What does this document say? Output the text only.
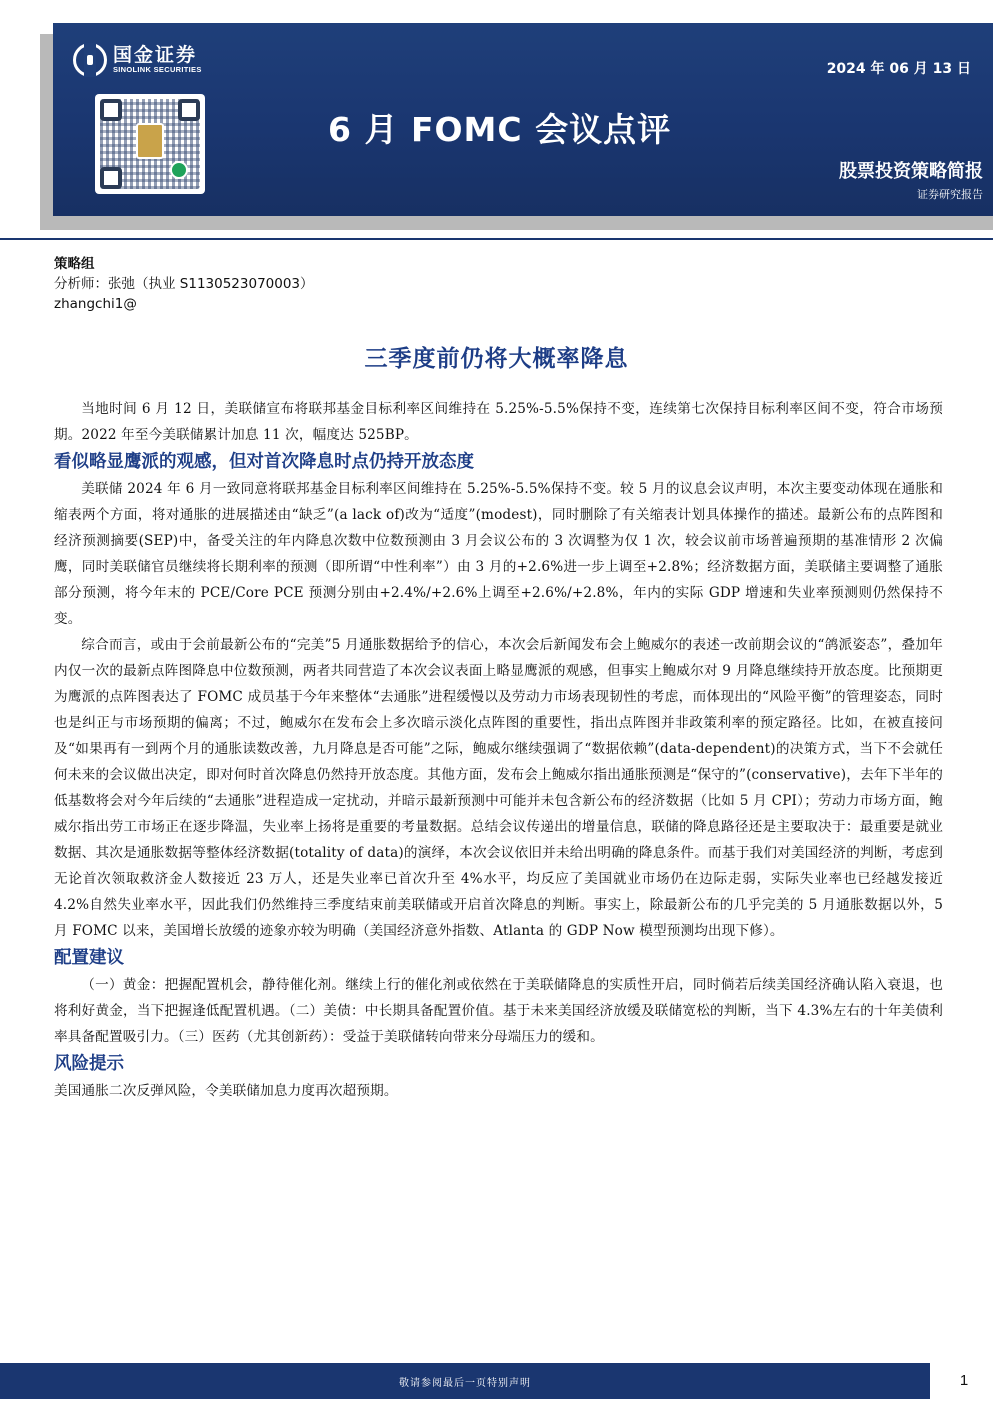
国金证券
SINOLINK SECURITIES
6 月 FOMC 会议点评
2024 年 06 月 13 日
股票投资策略简报
证券研究报告
策略组
分析师：张弛（执业 S1130523070003）
zhangchi1@
三季度前仍将大概率降息

当地时间 6 月 12 日，美联储宣布将联邦基金目标利率区间维持在 5.25%-5.5%保持不变，连续第七次保持目标利率区间不变，符合市场预期。2022 年至今美联储累计加息 11 次，幅度达 525BP。

看似略显鹰派的观感，但对首次降息时点仍持开放态度

美联储 2024 年 6 月一致同意将联邦基金目标利率区间维持在 5.25%-5.5%保持不变。较 5 月的议息会议声明，本次主要变动体现在通胀和缩表两个方面，将对通胀的进展描述由“缺乏”(a lack of)改为“适度”(modest)，同时删除了有关缩表计划具体操作的描述。最新公布的点阵图和经济预测摘要(SEP)中，备受关注的年内降息次数中位数预测由 3 月会议公布的 3 次调整为仅 1 次，较会议前市场普遍预期的基准情形 2 次偏鹰，同时美联储官员继续将长期利率的预测（即所谓“中性利率”）由 3 月的+2.6%进一步上调至+2.8%；经济数据方面，美联储主要调整了通胀部分预测，将今年末的 PCE/Core PCE 预测分别由+2.4%/+2.6%上调至+2.6%/+2.8%，年内的实际 GDP 增速和失业率预测则仍然保持不变。

综合而言，或由于会前最新公布的“完美”5 月通胀数据给予的信心，本次会后新闻发布会上鲍威尔的表述一改前期会议的“鸽派姿态”，叠加年内仅一次的最新点阵图降息中位数预测，两者共同营造了本次会议表面上略显鹰派的观感，但事实上鲍威尔对 9 月降息继续持开放态度。比预期更为鹰派的点阵图表达了 FOMC 成员基于今年来整体“去通胀”进程缓慢以及劳动力市场表现韧性的考虑，而体现出的“风险平衡”的管理姿态，同时也是纠正与市场预期的偏离；不过，鲍威尔在发布会上多次暗示淡化点阵图的重要性，指出点阵图并非政策利率的预定路径。比如，在被直接问及“如果再有一到两个月的通胀读数改善，九月降息是否可能”之际，鲍威尔继续强调了“数据依赖”(data-dependent)的决策方式，当下不会就任何未来的会议做出决定，即对何时首次降息仍然持开放态度。其他方面，发布会上鲍威尔指出通胀预测是“保守的”(conservative)，去年下半年的低基数将会对今年后续的“去通胀”进程造成一定扰动，并暗示最新预测中可能并未包含新公布的经济数据（比如 5 月 CPI）；劳动力市场方面，鲍威尔指出劳工市场正在逐步降温，失业率上扬将是重要的考量数据。总结会议传递出的增量信息，联储的降息路径还是主要取决于：最重要是就业数据、其次是通胀数据等整体经济数据(totality of data)的演绎，本次会议依旧并未给出明确的降息条件。而基于我们对美国经济的判断，考虑到无论首次领取救济金人数接近 23 万人，还是失业率已首次升至 4%水平，均反应了美国就业市场仍在边际走弱，实际失业率也已经越发接近 4.2%自然失业率水平，因此我们仍然维持三季度结束前美联储或开启首次降息的判断。事实上，除最新公布的几乎完美的 5 月通胀数据以外，5 月 FOMC 以来，美国增长放缓的迹象亦较为明确（美国经济意外指数、Atlanta 的 GDP Now 模型预测均出现下修）。

配置建议

（一）黄金：把握配置机会，静待催化剂。继续上行的催化剂或依然在于美联储降息的实质性开启，同时倘若后续美国经济确认陷入衰退，也将利好黄金，当下把握逢低配置机遇。（二）美债：中长期具备配置价值。基于未来美国经济放缓及联储宽松的判断，当下 4.3%左右的十年美债利率具备配置吸引力。（三）医药（尤其创新药）：受益于美联储转向带来分母端压力的缓和。

风险提示

美国通胀二次反弹风险，令美联储加息力度再次超预期。

敬请参阅最后一页特别声明	1
